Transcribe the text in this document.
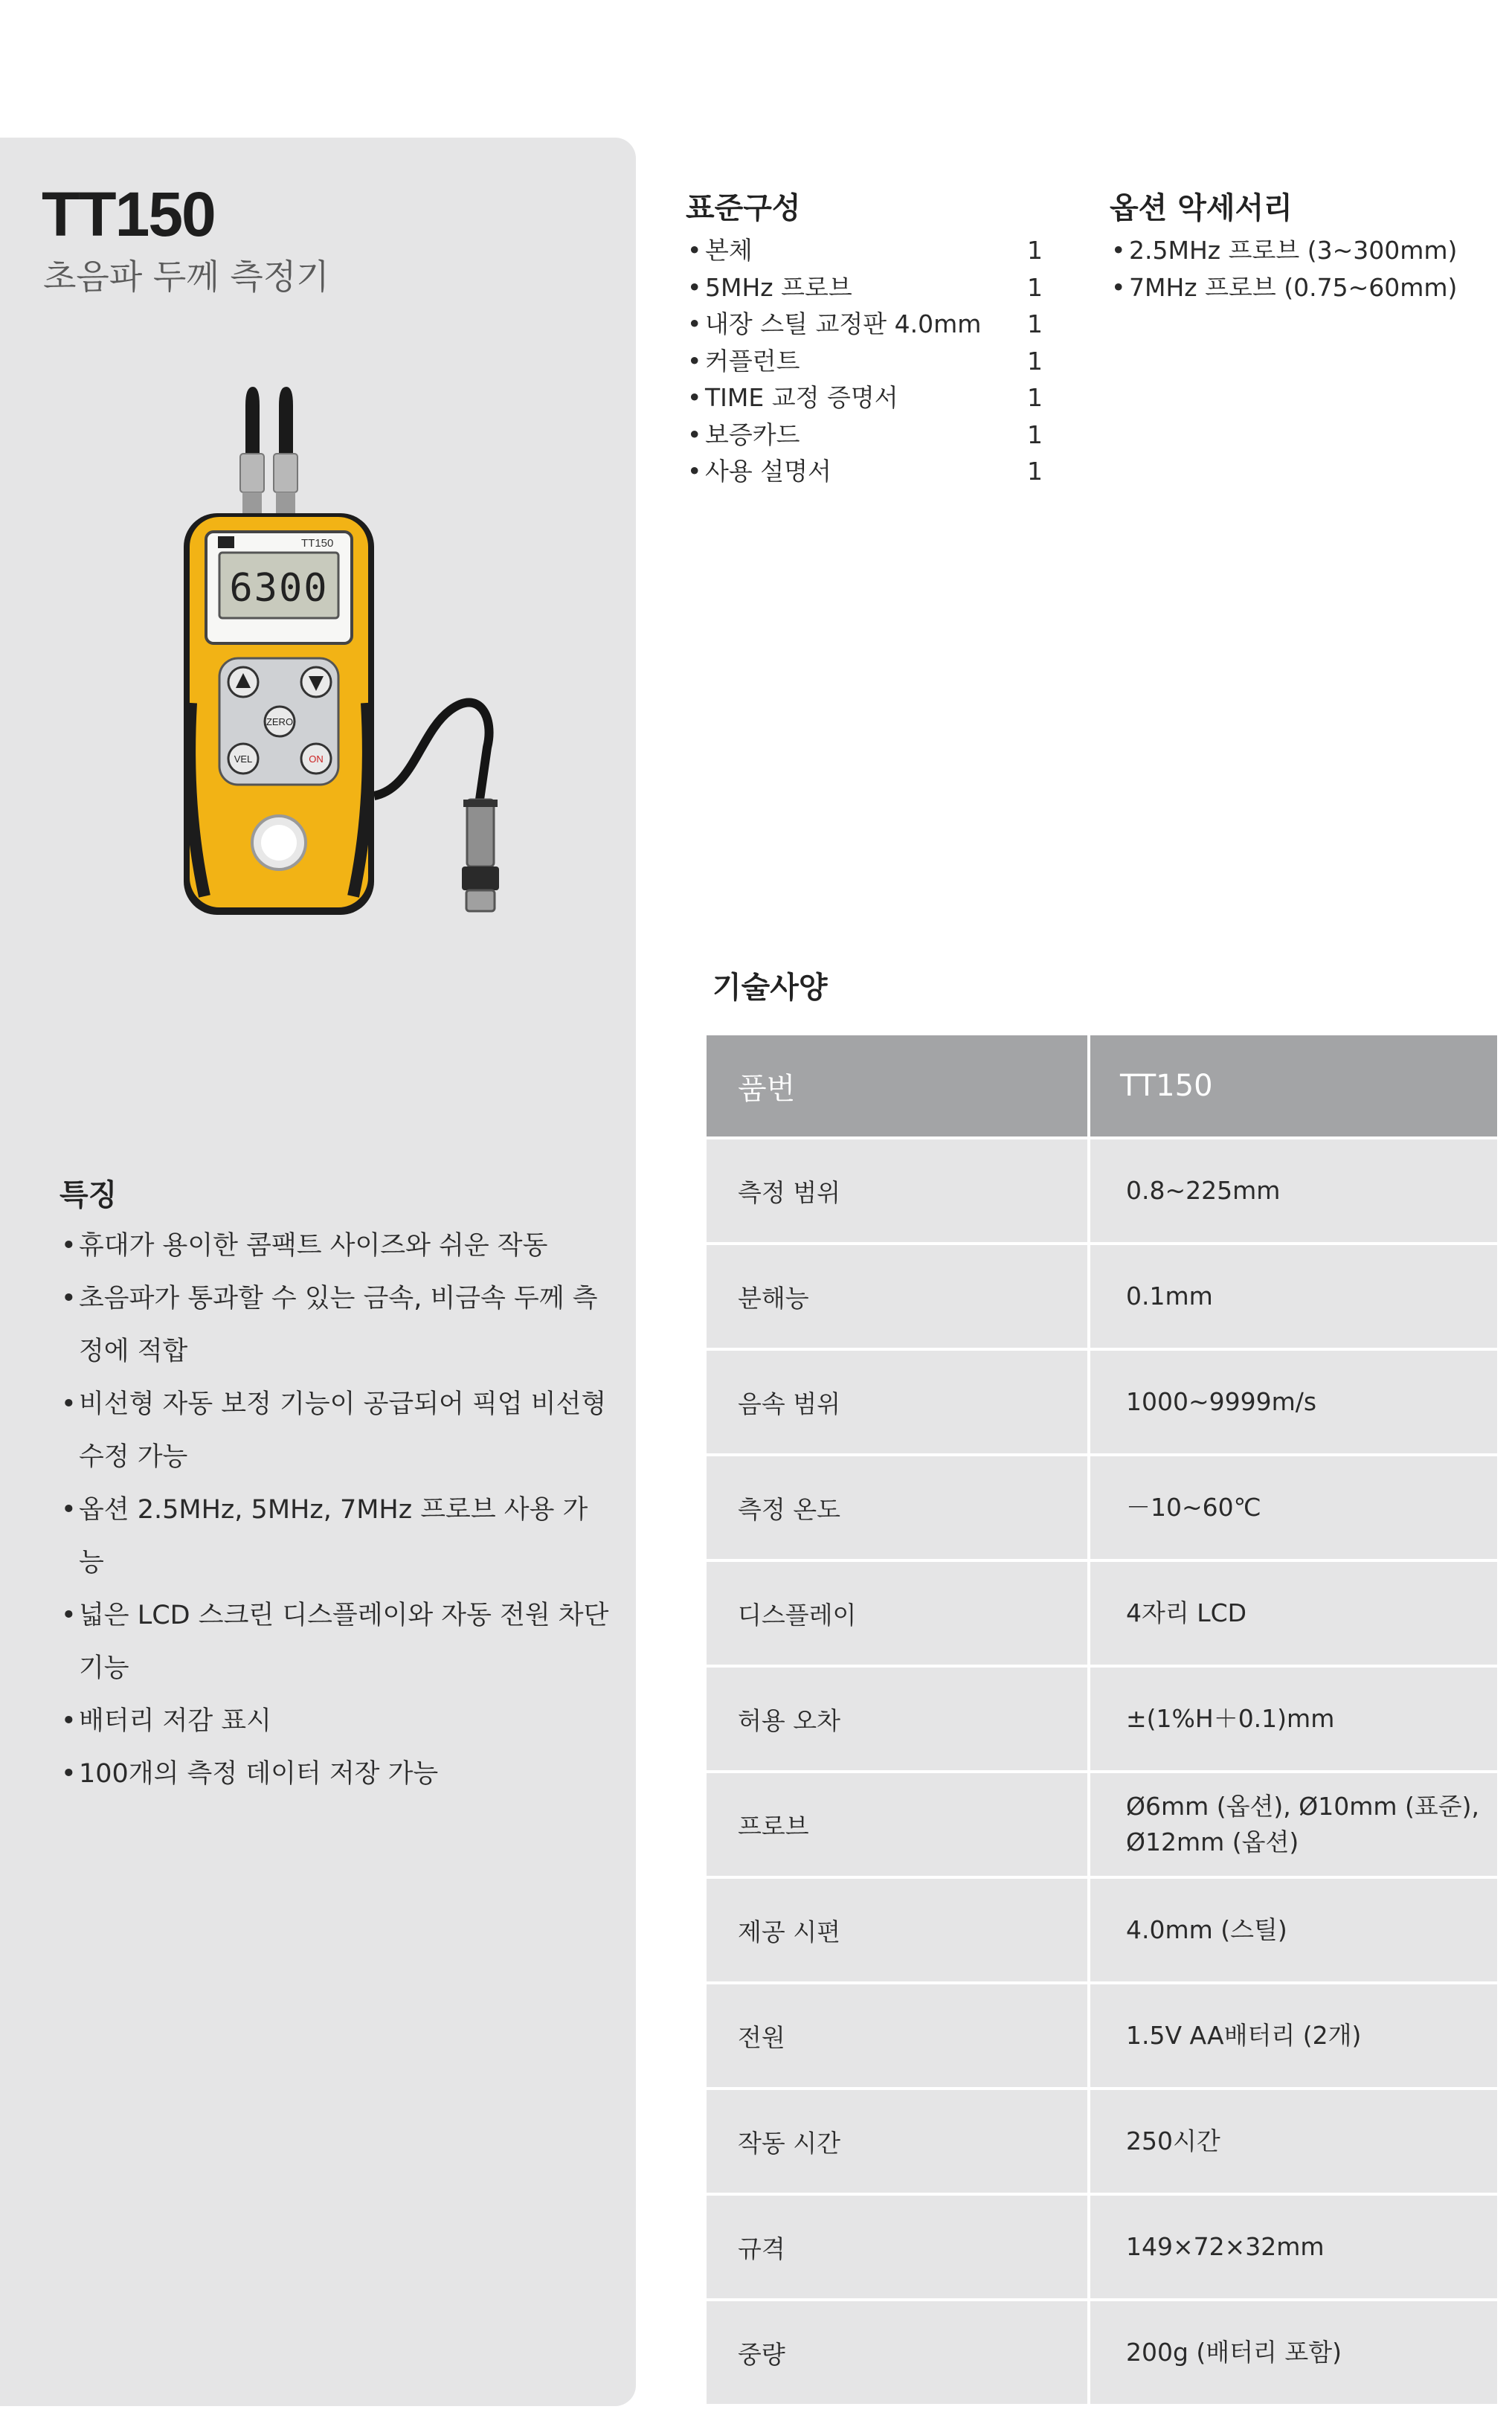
TT150
초음파 두께 측정기
6300
TT150
ZERO
VEL	ON
특징
• 휴대가 용이한 콤팩트 사이즈와 쉬운 작동
• 초음파가 통과할 수 있는 금속, 비금속 두께 측정에 적합
• 비선형 자동 보정 기능이 공급되어 픽업 비선형 수정 가능
• 옵션 2.5MHz, 5MHz, 7MHz 프로브 사용 가능
• 넓은 LCD 스크린 디스플레이와 자동 전원 차단 기능
• 배터리 저감 표시
• 100개의 측정 데이터 저장 가능
표준구성
• 본체	1
• 5MHz 프로브	1
• 내장 스틸 교정판 4.0mm 1
• 커플런트	1
• TIME 교정 증명서	1
• 보증카드	1
• 사용 설명서	1
옵션 악세서리
• 2.5MHz 프로브 (3~300mm)
• 7MHz 프로브 (0.75~60mm)
기술사양
품번	TT150
측정 범위	0.8~225mm
분해능	0.1mm
음속 범위	1000~9999m/s
측정 온도	－10~60℃
디스플레이	4자리 LCD
허용 오차	±(1%H＋0.1)mm
프로브	Ø6mm (옵션), Ø10mm (표준),
Ø12mm (옵션)
제공 시편	4.0mm (스틸)
전원	1.5V AA배터리 (2개)
작동 시간	250시간
규격	149×72×32mm
중량	200g (배터리 포함)
